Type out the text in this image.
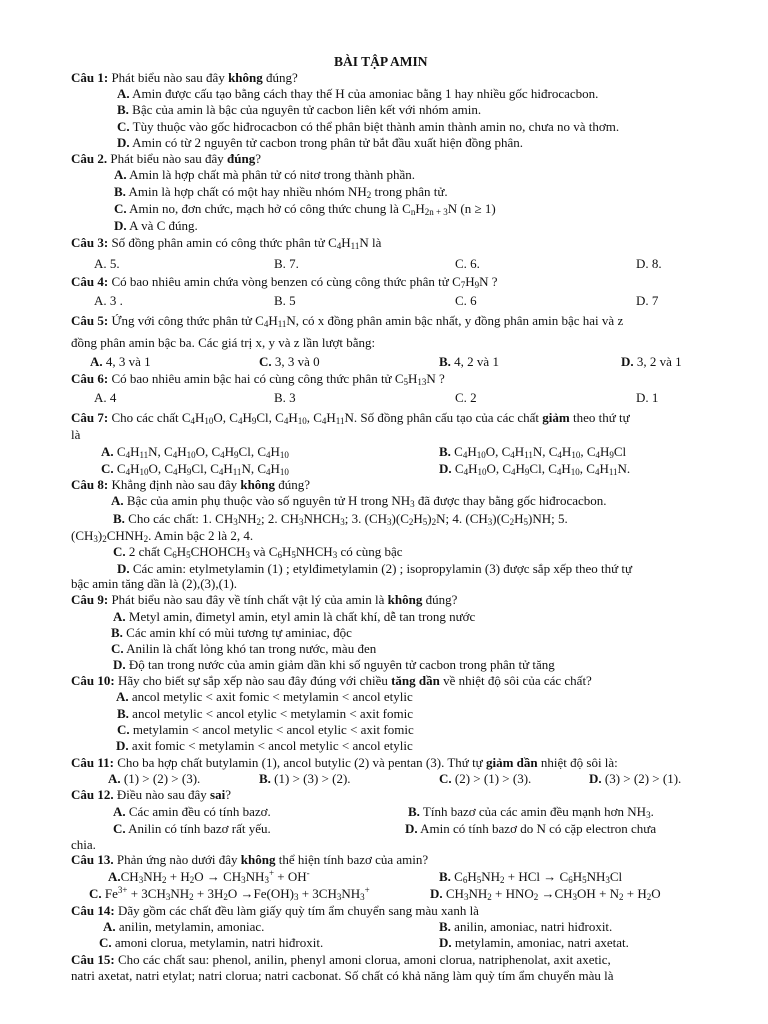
BÀI TẬP AMIN
Câu 1: Phát biểu nào sau đây không đúng?
A. Amin được cấu tạo bằng cách thay thế H của amoniac bằng 1 hay nhiều gốc hiđrocacbon.
B. Bậc của amin là bậc của nguyên tử cacbon liên kết với nhóm amin.
C. Tùy thuộc vào gốc hiđrocacbon có thể phân biệt thành amin thành amin no, chưa no và thơm.
D. Amin có từ 2 nguyên tử cacbon trong phân tử bắt đầu xuất hiện đồng phân.
Câu 2. Phát biểu nào sau đây đúng?
A. Amin là hợp chất mà phân tử có nitơ trong thành phần.
B. Amin là hợp chất có một hay nhiều nhóm $NH_2$ trong phân tử.
C. Amin no, đơn chức, mạch hở có công thức chung là $C_nH_{2n + 3}N$ (n ≥ 1)
D. A và C đúng.
Câu 3: Số đồng phân amin có công thức phân tử $C_4H_{11}N$ là
A. 5.	B. 7.	C. 6.	D. 8.
Câu 4: Có bao nhiêu amin chứa vòng benzen có cùng công thức phân tử $C_7H_9N$ ?
A. 3 .	B. 5	C. 6	D. 7
Câu 5: Ứng với công thức phân tử $C_4H_{11}N$, có x đồng phân amin bậc nhất, y đồng phân amin bậc hai và z
đồng phân amin bậc ba. Các giá trị x, y và z lần lượt bằng:
A. 4, 3 và 1	C. 3, 3 và 0	B. 4, 2 và 1	D. 3, 2 và 1
Câu 6: Có bao nhiêu amin bậc hai có cùng công thức phân tử $C_5H_{13}N$ ?
A. 4	B. 3	C. 2	D. 1
Câu 7: Cho các chất $C_4H_{10}O$, $C_4H_9Cl$, $C_4H_{10}$, $C_4H_{11}N$. Số đồng phân cấu tạo của các chất giảm theo thứ tự
là
A. $C_4H_{11}N$, $C_4H_{10}O$, $C_4H_9Cl$, $C_4H_{10}$	B. $C_4H_{10}O$, $C_4H_{11}N$, $C_4H_{10}$, $C_4H_9Cl$
C. $C_4H_{10}O$, $C_4H_9Cl$, $C_4H_{11}N$, $C_4H_{10}$	D. $C_4H_{10}O$, $C_4H_9Cl$, $C_4H_{10}$, $C_4H_{11}N$.
Câu 8: Khẳng định nào sau đây không đúng?
A. Bậc của amin phụ thuộc vào số nguyên tử H trong $NH_3$ đã được thay bằng gốc hiđrocacbon.
B. Cho các chất: 1. $CH_3NH_2$; 2. $CH_3NHCH_3$; 3. $(CH_3)(C_2H_5)_2N$; 4. $(CH_3)(C_2H_5)NH$; 5.
$(CH_3)_2CHNH_2$. Amin bậc 2 là 2, 4.
C. 2 chất $C_6H_5CHOHCH_3$ và $C_6H_5NHCH_3$ có cùng bậc
D. Các amin: etylmetylamin (1) ; etylđimetylamin (2) ; isopropylamin (3) được sắp xếp theo thứ tự
bậc amin tăng dần là (2),(3),(1).
Câu 9: Phát biểu nào sau đây về tính chất vật lý của amin là không đúng?
A. Metyl amin, đimetyl amin, etyl amin là chất khí, dễ tan trong nước
B. Các amin khí có mùi tương tự aminiac, độc
C. Anilin là chất lỏng khó tan trong nước, màu đen
D. Độ tan trong nước của amin giảm dần khi số nguyên tử cacbon trong phân tử tăng
Câu 10: Hãy cho biết sự sắp xếp nào sau đây đúng với chiều tăng dần về nhiệt độ sôi của các chất?
A. ancol metylic < axit fomic < metylamin < ancol etylic
B. ancol metylic < ancol etylic < metylamin < axit fomic
C. metylamin < ancol metylic < ancol etylic < axit fomic
D. axit fomic < metylamin < ancol metylic < ancol etylic
Câu 11: Cho ba hợp chất butylamin (1), ancol butylic (2) và pentan (3). Thứ tự giảm dần nhiệt độ sôi là:
A. (1) > (2) > (3).	B. (1) > (3) > (2).	C. (2) > (1) > (3).	D. (3) > (2) > (1).
Câu 12. Điều nào sau đây sai?
A. Các amin đều có tính bazơ.	B. Tính bazơ của các amin đều mạnh hơn $NH_3$.
C. Anilin có tính bazơ rất yếu.	D. Amin có tính bazơ do N có cặp electron chưa
chia.
Câu 13. Phản ứng nào dưới đây không thể hiện tính bazơ của amin?
$A.CH_3NH_2 + H_2O \to CH_3NH_3^+ + OH^-$	B. $C_6H_5NH_2$ + HCl → $C_6H_5NH_3Cl$
C. $Fe^{3+} + 3CH_3NH_2 + 3H_2O \to Fe(OH)_3 + 3CH_3NH_3^+$	D. $CH_3NH_2 + HNO_2 \to CH_3OH + N_2 + H_2O$
Câu 14: Dãy gồm các chất đều làm giấy quỳ tím ẩm chuyển sang màu xanh là
A. anilin, metylamin, amoniac.	B. anilin, amoniac, natri hiđroxit.
C. amoni clorua, metylamin, natri hiđroxit.	D. metylamin, amoniac, natri axetat.
Câu 15: Cho các chất sau: phenol, anilin, phenyl amoni clorua, amoni clorua, natriphenolat, axit axetic,
natri axetat, natri etylat; natri clorua; natri cacbonat. Số chất có khả năng làm quỳ tím ẩm chuyển màu là
